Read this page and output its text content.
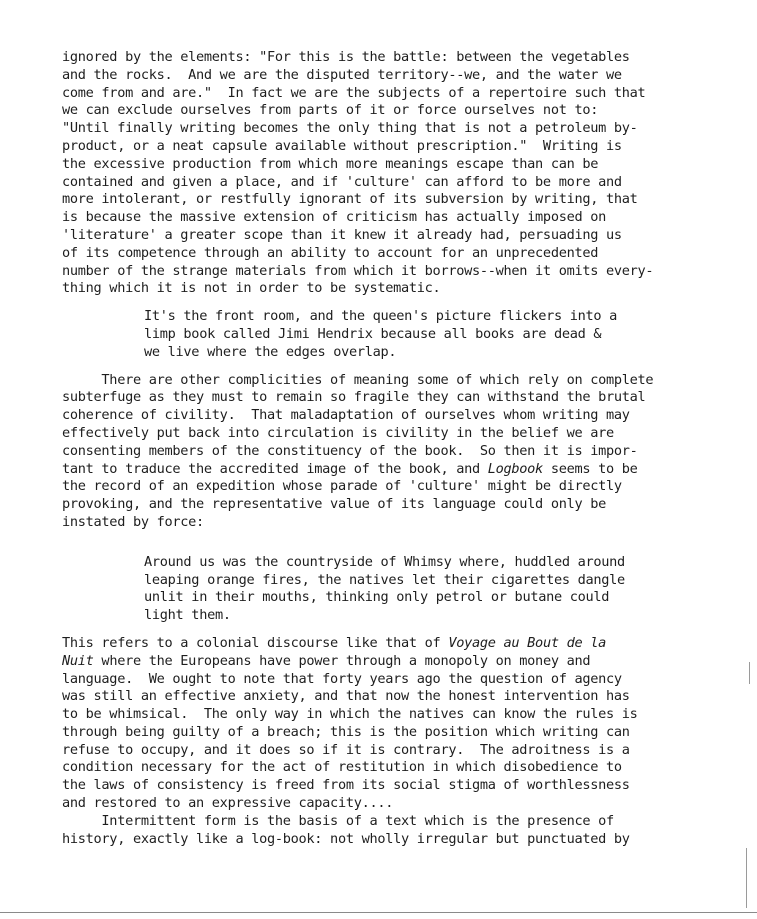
ignored by the elements: "For this is the battle: between the vegetables

and the rocks.  And we are the disputed territory--we, and the water we

come from and are."  In fact we are the subjects of a repertoire such that

we can exclude ourselves from parts of it or force ourselves not to:

"Until finally writing becomes the only thing that is not a petroleum by-

product, or a neat capsule available without prescription."  Writing is

the excessive production from which more meanings escape than can be

contained and given a place, and if 'culture' can afford to be more and

more intolerant, or restfully ignorant of its subversion by writing, that

is because the massive extension of criticism has actually imposed on

'literature' a greater scope than it knew it already had, persuading us

of its competence through an ability to account for an unprecedented

number of the strange materials from which it borrows--when it omits every-

thing which it is not in order to be systematic.

It's the front room, and the queen's picture flickers into a

limp book called Jimi Hendrix because all books are dead &

we live where the edges overlap.

There are other complicities of meaning some of which rely on complete

subterfuge as they must to remain so fragile they can withstand the brutal

coherence of civility.  That maladaptation of ourselves whom writing may

effectively put back into circulation is civility in the belief we are

consenting members of the constituency of the book.  So then it is impor-

tant to traduce the accredited image of the book, and Logbook seems to be

the record of an expedition whose parade of 'culture' might be directly

provoking, and the representative value of its language could only be

instated by force:

Around us was the countryside of Whimsy where, huddled around

leaping orange fires, the natives let their cigarettes dangle

unlit in their mouths, thinking only petrol or butane could

light them.

This refers to a colonial discourse like that of Voyage au Bout de la

Nuit where the Europeans have power through a monopoly on money and

language.  We ought to note that forty years ago the question of agency

was still an effective anxiety, and that now the honest intervention has

to be whimsical.  The only way in which the natives can know the rules is

through being guilty of a breach; this is the position which writing can

refuse to occupy, and it does so if it is contrary.  The adroitness is a

condition necessary for the act of restitution in which disobedience to

the laws of consistency is freed from its social stigma of worthlessness

and restored to an expressive capacity....

Intermittent form is the basis of a text which is the presence of

history, exactly like a log-book: not wholly irregular but punctuated by
